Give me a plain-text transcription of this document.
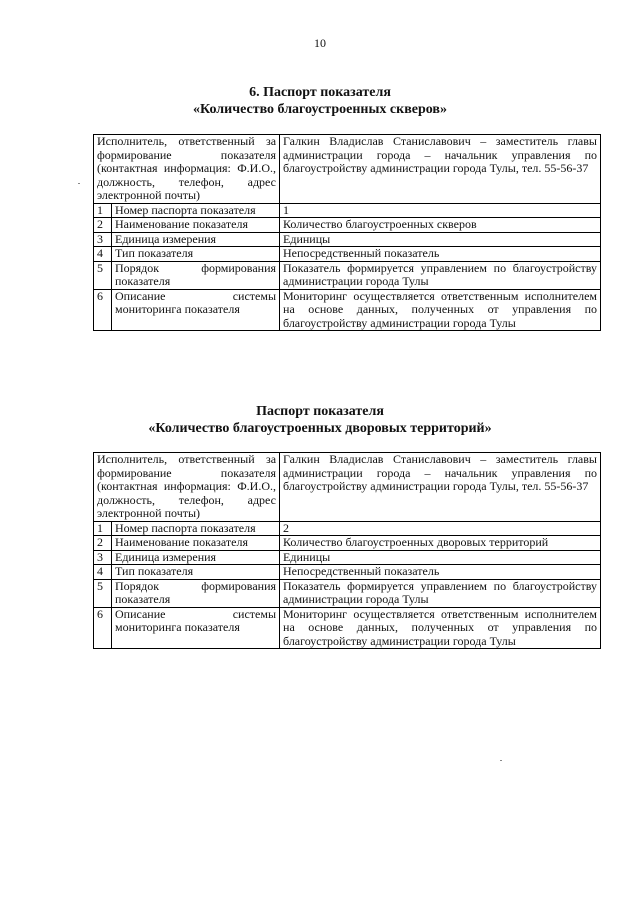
10
6. Паспорт показателя
«Количество благоустроенных скверов»
Исполнитель, ответственный за формирование показателя (контактная информация: Ф.И.О., должность, телефон, адрес электронной почты)		Галкин Владислав Станиславович – заместитель главы администрации города – начальник управления по благоустройству администрации города Тулы, тел. 55-56-37
1	Номер паспорта показателя	1
2	Наименование показателя	Количество благоустроенных скверов
3	Единица измерения	Единицы
4	Тип показателя	Непосредственный показатель
5	Порядок формирования показателя	Показатель формируется управлением по благоустройству администрации города Тулы
6	Описание системы мониторинга показателя	Мониторинг осуществляется ответственным исполнителем на основе данных, полученных от управления по благоустройству администрации города Тулы
Паспорт показателя
«Количество благоустроенных дворовых территорий»
Исполнитель, ответственный за формирование показателя (контактная информация: Ф.И.О., должность, телефон, адрес электронной почты)		Галкин Владислав Станиславович – заместитель главы администрации города – начальник управления по благоустройству администрации города Тулы, тел. 55-56-37
1	Номер паспорта показателя	2
2	Наименование показателя	Количество благоустроенных дворовых территорий
3	Единица измерения	Единицы
4	Тип показателя	Непосредственный показатель
5	Порядок формирования показателя	Показатель формируется управлением по благоустройству администрации города Тулы
6	Описание системы мониторинга показателя	Мониторинг осуществляется ответственным исполнителем на основе данных, полученных от управления по благоустройству администрации города Тулы
